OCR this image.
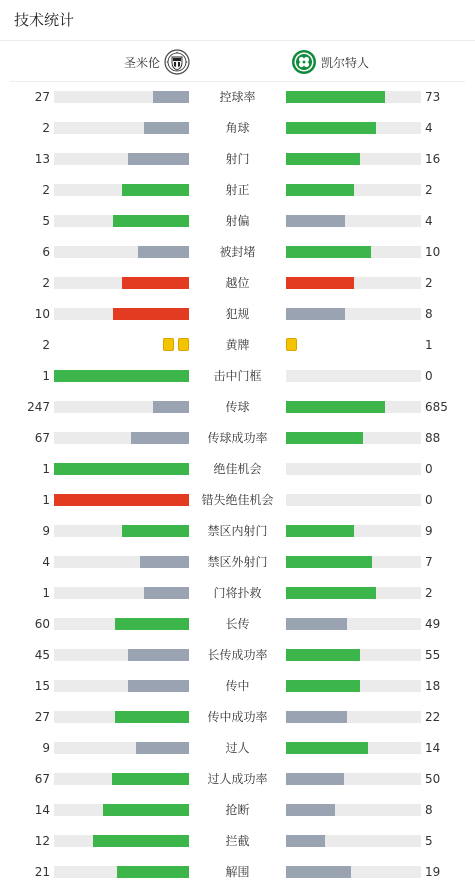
技术统计
圣米伦	凯尔特人
27	控球率	73
2	角球	4
13	射门	16
2	射正	2
5	射偏	4
6	被封堵	10
2	越位	2
10	犯规	8
2	黄牌	1
1	击中门框	0
247	传球	685
67	传球成功率	88
1	绝佳机会	0
1	错失绝佳机会	0
9	禁区内射门	9
4	禁区外射门	7
1	门将扑救	2
60	长传	49
45	长传成功率	55
15	传中	18
27	传中成功率	22
9	过人	14
67	过人成功率	50
14	抢断	8
12	拦截	5
21	解围	19
